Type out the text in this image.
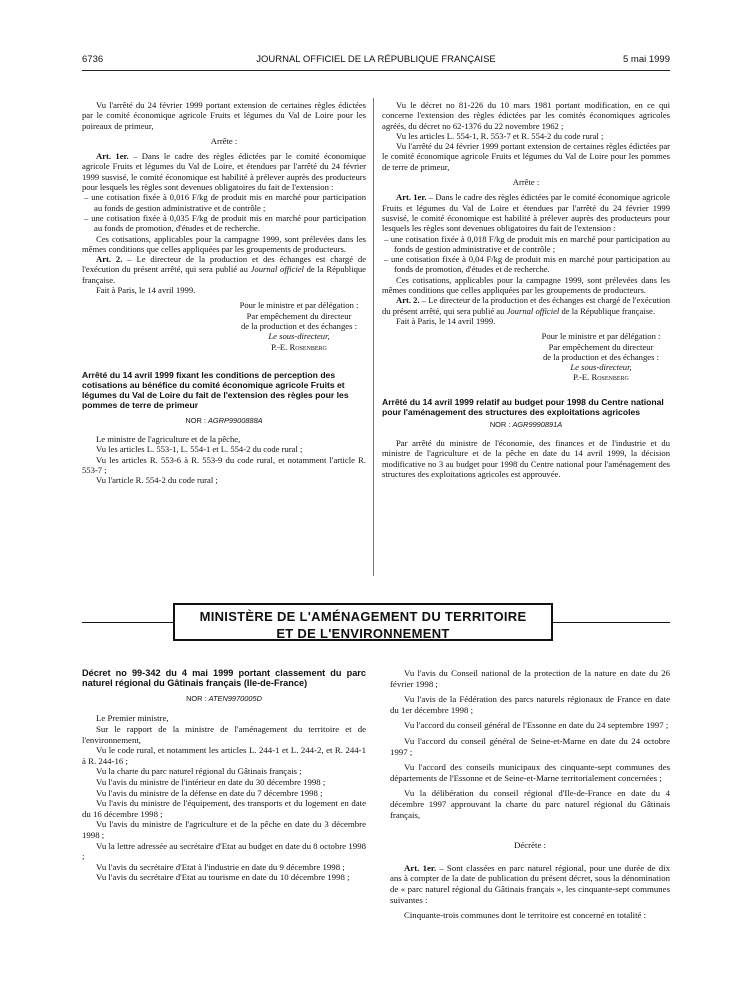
6736	JOURNAL OFFICIEL DE LA RÉPUBLIQUE FRANÇAISE	5 mai 1999

Vu l'arrêté du 24 février 1999 portant extension de certaines règles édictées par le comité économique agricole Fruits et légumes du Val de Loire pour les poireaux de primeur,

Arrête :

Art. 1er. – Dans le cadre des règles édictées par le comité économique agricole Fruits et légumes du Val de Loire, et étendues par l'arrêté du 24 février 1999 susvisé, le comité économique est habilité à prélever auprès des producteurs pour lesquels les règles sont devenues obligatoires du fait de l'extension :

– une cotisation fixée à 0,016 F/kg de produit mis en marché pour participation au fonds de gestion administrative et de contrôle ;

– une cotisation fixée à 0,035 F/kg de produit mis en marché pour participation au fonds de promotion, d'études et de recherche.

Ces cotisations, applicables pour la campagne 1999, sont prélevées dans les mêmes conditions que celles appliquées par les groupements de producteurs.

Art. 2. – Le directeur de la production et des échanges est chargé de l'exécution du présent arrêté, qui sera publié au Journal officiel de la République française.

Fait à Paris, le 14 avril 1999.

Pour le ministre et par délégation :

Par empêchement du directeur

de la production et des échanges :

Le sous-directeur,

P.-E. Rosenberg

Arrêté du 14 avril 1999 fixant les conditions de perception des cotisations au bénéfice du comité économique agricole Fruits et légumes du Val de Loire du fait de l'extension des règles pour les pommes de terre de primeur

NOR : AGRP9900888A

Le ministre de l'agriculture et de la pêche,

Vu les articles L. 553-1, L. 554-1 et L. 554-2 du code rural ;

Vu les articles R. 553-6 à R. 553-9 du code rural, et notamment l'article R. 553-7 ;

Vu l'article R. 554-2 du code rural ;

Vu le décret no 81-226 du 10 mars 1981 portant modification, en ce qui concerne l'extension des règles édictées par les comités économiques agricoles agréés, du décret no 62-1376 du 22 novembre 1962 ;

Vu les articles L. 554-1, R. 553-7 et R. 554-2 du code rural ;

Vu l'arrêté du 24 février 1999 portant extension de certaines règles édictées par le comité économique agricole Fruits et légumes du Val de Loire pour les pommes de terre de primeur,

Arrête :

Art. 1er. – Dans le cadre des règles édictées par le comité économique agricole Fruits et légumes du Val de Loire et étendues par l'arrêté du 24 février 1999 susvisé, le comité économique est habilité à prélever auprès des producteurs pour lesquels les règles sont devenues obligatoires du fait de l'extension :

– une cotisation fixée à 0,018 F/kg de produit mis en marché pour participation au fonds de gestion administrative et de contrôle ;

– une cotisation fixée à 0,04 F/kg de produit mis en marché pour participation au fonds de promotion, d'études et de recherche.

Ces cotisations, applicables pour la campagne 1999, sont prélevées dans les mêmes conditions que celles appliquées par les groupements de producteurs.

Art. 2. – Le directeur de la production et des échanges est chargé de l'exécution du présent arrêté, qui sera publié au Journal officiel de la République française.

Fait à Paris, le 14 avril 1999.

Pour le ministre et par délégation :

Par empêchement du directeur

de la production et des échanges :

Le sous-directeur,

P.-E. Rosenberg

Arrêté du 14 avril 1999 relatif au budget pour 1998 du Centre national pour l'aménagement des structures des exploitations agricoles

NOR : AGR9990891A

Par arrêté du ministre de l'économie, des finances et de l'industrie et du ministre de l'agriculture et de la pêche en date du 14 avril 1999, la décision modificative no 3 au budget pour 1998 du Centre national pour l'aménagement des structures des exploitations agricoles est approuvée.

MINISTÈRE DE L'AMÉNAGEMENT DU TERRITOIRE
ET DE L'ENVIRONNEMENT

Décret no 99-342 du 4 mai 1999 portant classement du parc naturel régional du Gâtinais français (Ile-de-France)

NOR : ATEN9970005D

Le Premier ministre,

Sur le rapport de la ministre de l'aménagement du territoire et de l'environnement,

Vu le code rural, et notamment les articles L. 244-1 et L. 244-2, et R. 244-1 à R. 244-16 ;

Vu la charte du parc naturel régional du Gâtinais français ;

Vu l'avis du ministre de l'intérieur en date du 30 décembre 1998 ;

Vu l'avis du ministre de la défense en date du 7 décembre 1998 ;

Vu l'avis du ministre de l'équipement, des transports et du logement en date du 16 décembre 1998 ;

Vu l'avis du ministre de l'agriculture et de la pêche en date du 3 décembre 1998 ;

Vu la lettre adressée au secrétaire d'Etat au budget en date du 8 octobre 1998 ;

Vu l'avis du secrétaire d'Etat à l'industrie en date du 9 décembre 1998 ;

Vu l'avis du secrétaire d'Etat au tourisme en date du 10 décembre 1998 ;

Vu l'avis du Conseil national de la protection de la nature en date du 26 février 1998 ;

Vu l'avis de la Fédération des parcs naturels régionaux de France en date du 1er décembre 1998 ;

Vu l'accord du conseil général de l'Essonne en date du 24 septembre 1997 ;

Vu l'accord du conseil général de Seine-et-Marne en date du 24 octobre 1997 ;

Vu l'accord des conseils municipaux des cinquante-sept communes des départements de l'Essonne et de Seine-et-Marne territorialement concernées ;

Vu la délibération du conseil régional d'Ile-de-France en date du 4 décembre 1997 approuvant la charte du parc naturel régional du Gâtinais français,

Décrète :

Art. 1er. – Sont classées en parc naturel régional, pour une durée de dix ans à compter de la date de publication du présent décret, sous la dénomination de « parc naturel régional du Gâtinais français », les cinquante-sept communes suivantes :

Cinquante-trois communes dont le territoire est concerné en totalité :
